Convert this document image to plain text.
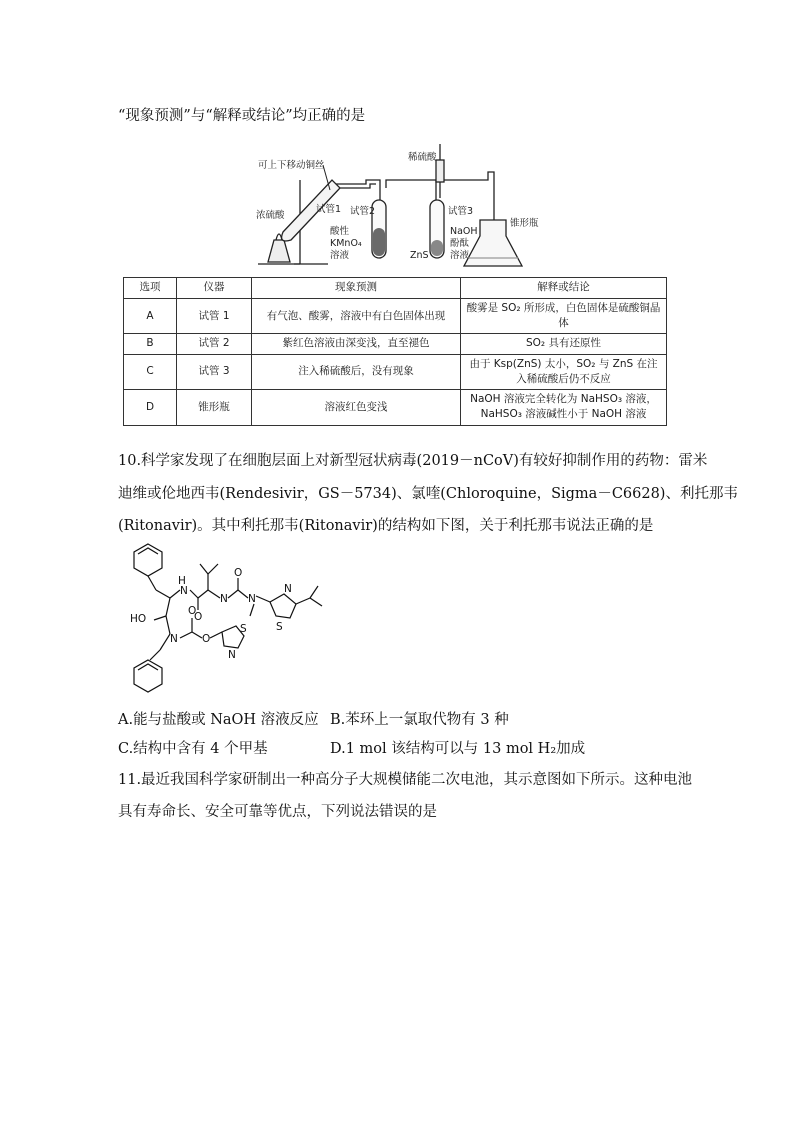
“现象预测”与“解释或结论”均正确的是
可上下移动铜丝
稀硫酸
试管1 试管2	试管3
锥形瓶
浓硫酸
酸性
KMnO₄
溶液	ZnS
NaOH
酚酞
溶液
选项	仪器	现象预测	解释或结论
A	试管 1	有气泡、酸雾，溶液中有白色固体出现	酸雾是 SO₂ 所形成，白色固体是硫酸铜晶体
B	试管 2	紫红色溶液由深变浅，直至褪色	SO₂ 具有还原性
C	试管 3	注入稀硫酸后，没有现象	由于 Ksp(ZnS) 太小，SO₂ 与 ZnS 在注入稀硫酸后仍不反应
D	锥形瓶	溶液红色变浅	NaOH 溶液完全转化为 NaHSO₃ 溶液，NaHSO₃ 溶液碱性小于 NaOH 溶液
10.科学家发现了在细胞层面上对新型冠状病毒(2019－nCoV)有较好抑制作用的药物：雷米
迪维或伦地西韦(Rendesivir，GS－5734)、氯喹(Chloroquine，Sigma－C6628)、利托那韦
(Ritonavir)。其中利托那韦(Ritonavir)的结构如下图，关于利托那韦说法正确的是
N
H
O
N
O
N
S
N
HO
N
O
O
S
N
A.能与盐酸或 NaOH 溶液反应 B.苯环上一氯取代物有 3 种
C.结构中含有 4 个甲基	D.1 mol 该结构可以与 13 mol H₂加成
11.最近我国科学家研制出一种高分子大规模储能二次电池，其示意图如下所示。这种电池
具有寿命长、安全可靠等优点，下列说法错误的是
